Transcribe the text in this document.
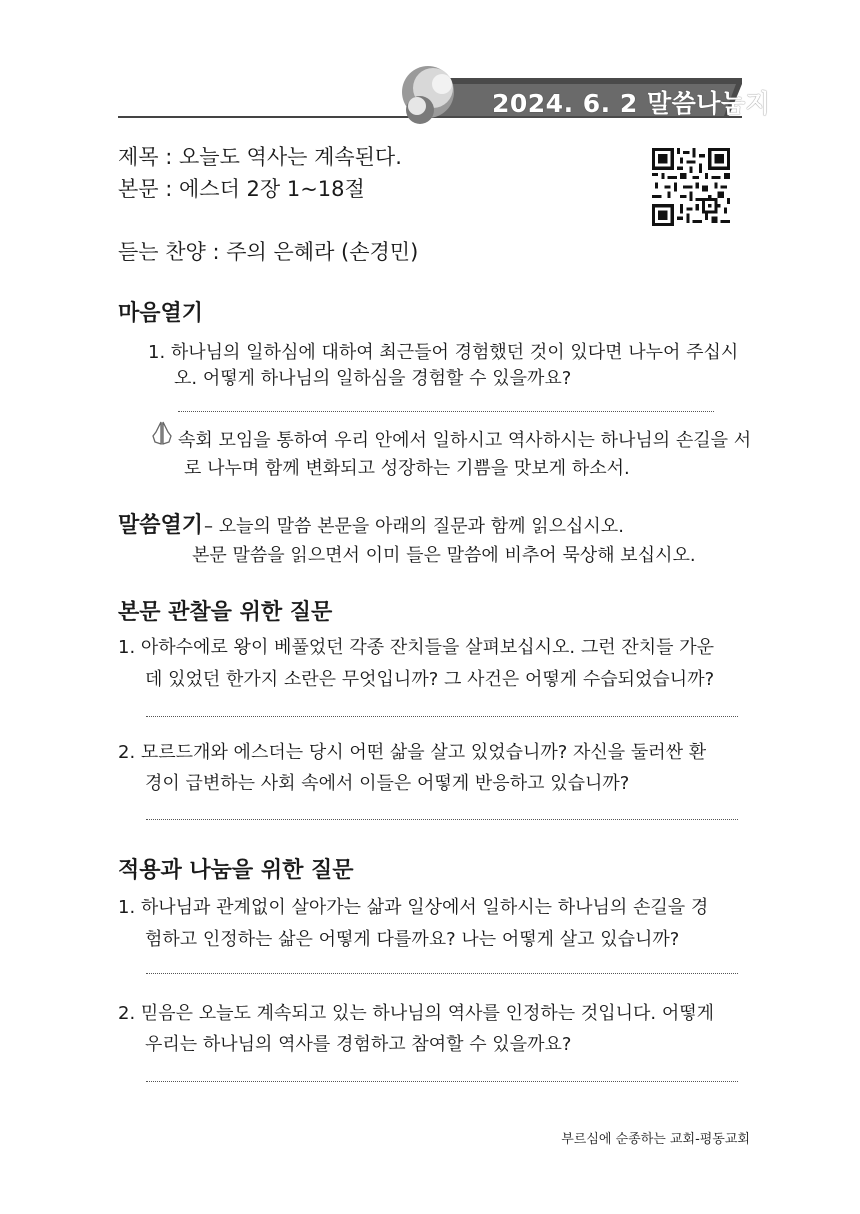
2024. 6. 2 말씀나눔지
제목 : 오늘도 역사는 계속된다.
본문 : 에스더 2장 1~18절
듣는 찬양 : 주의 은혜라 (손경민)
마음열기
1. 하나님의 일하심에 대하여 최근들어 경험했던 것이 있다면 나누어 주십시
오. 어떻게 하나님의 일하심을 경험할 수 있을까요?
속회 모임을 통하여 우리 안에서 일하시고 역사하시는 하나님의 손길을 서
로 나누며 함께 변화되고 성장하는 기쁨을 맛보게 하소서.
말씀열기 – 오늘의 말씀 본문을 아래의 질문과 함께 읽으십시오.
본문 말씀을 읽으면서 이미 들은 말씀에 비추어 묵상해 보십시오.
본문 관찰을 위한 질문
1. 아하수에로 왕이 베풀었던 각종 잔치들을 살펴보십시오. 그런 잔치들 가운
데 있었던 한가지 소란은 무엇입니까? 그 사건은 어떻게 수습되었습니까?
2. 모르드개와 에스더는 당시 어떤 삶을 살고 있었습니까? 자신을 둘러싼 환
경이 급변하는 사회 속에서 이들은 어떻게 반응하고 있습니까?
적용과 나눔을 위한 질문
1. 하나님과 관계없이 살아가는 삶과 일상에서 일하시는 하나님의 손길을 경
험하고 인정하는 삶은 어떻게 다를까요? 나는 어떻게 살고 있습니까?
2. 믿음은 오늘도 계속되고 있는 하나님의 역사를 인정하는 것입니다. 어떻게
우리는 하나님의 역사를 경험하고 참여할 수 있을까요?
부르심에 순종하는 교회-평동교회
